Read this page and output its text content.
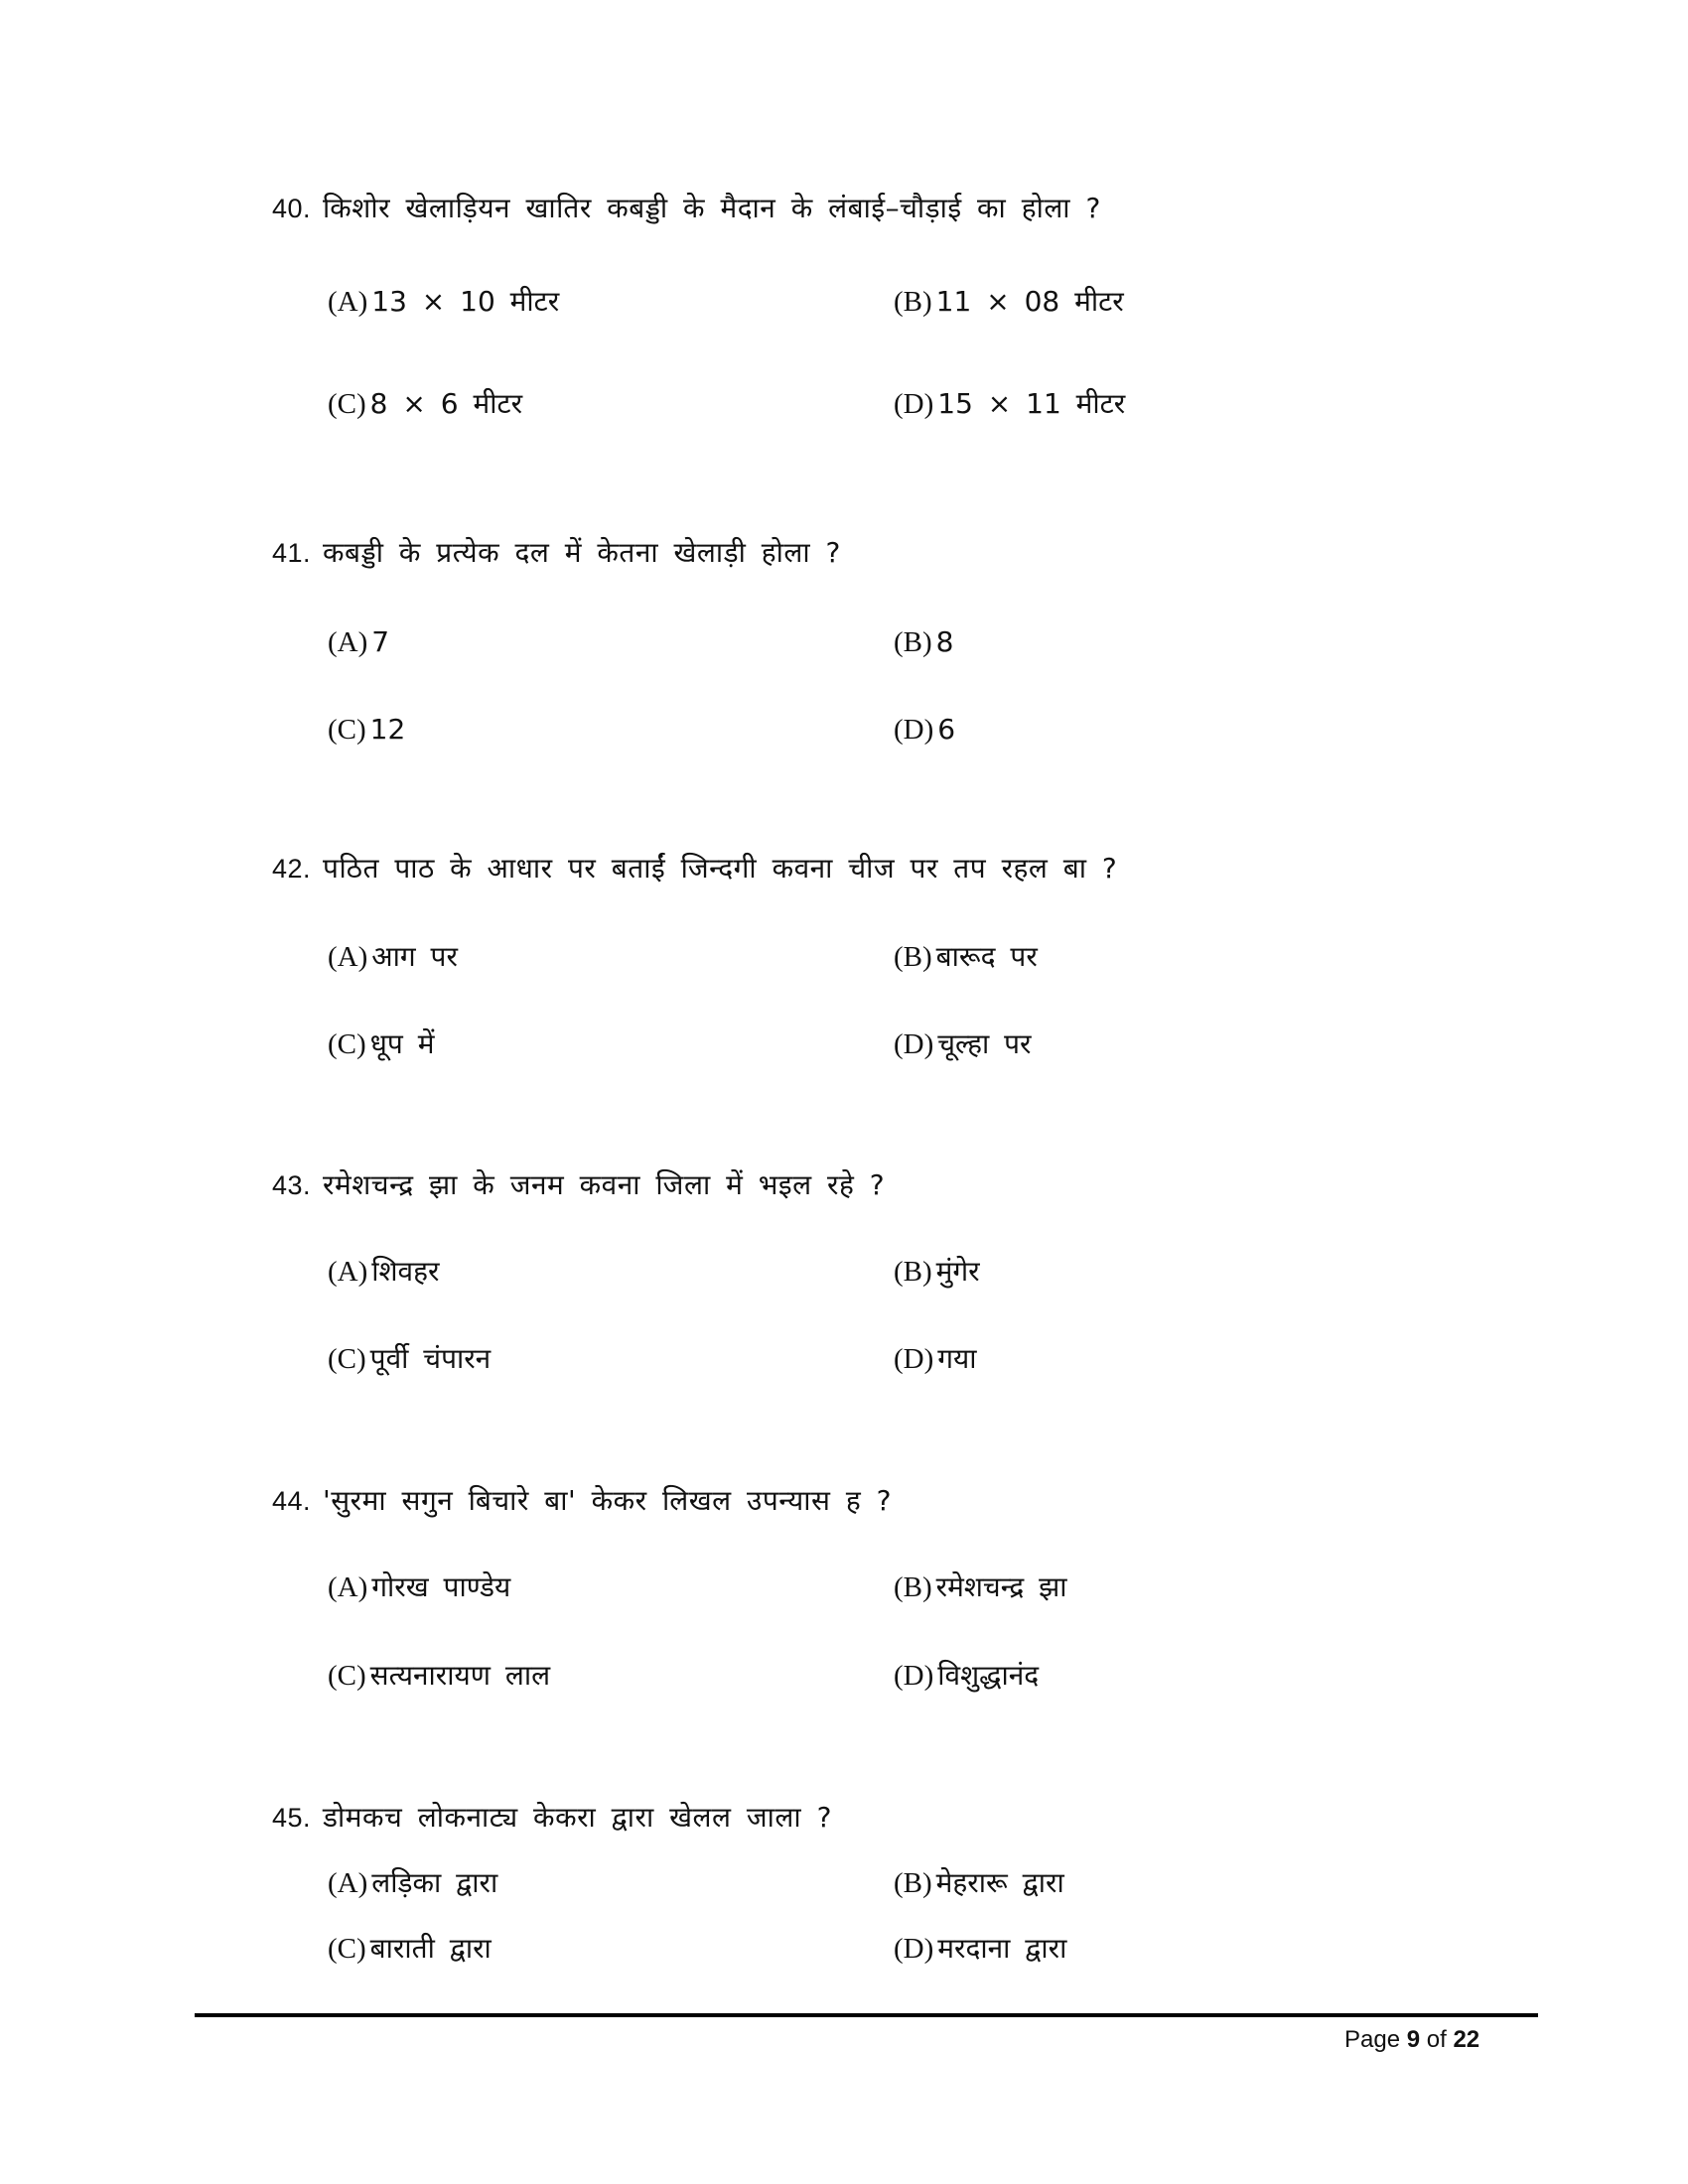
40. किशोर खेलाड़ियन खातिर कबड्डी के मैदान के लंबाई–चौड़ाई का होला ?
(A) 13 × 10 मीटर	(B) 11 × 08 मीटर
(C) 8 × 6 मीटर	(D) 15 × 11 मीटर
41. कबड्डी के प्रत्येक दल में केतना खेलाड़ी होला ?
(A) 7	(B) 8
(C) 12	(D) 6
42. पठित पाठ के आधार पर बताईं जिन्दगी कवना चीज पर तप रहल बा ?
(A) आग पर	(B) बारूद पर
(C) धूप में	(D) चूल्हा पर
43. रमेशचन्द्र झा के जनम कवना जिला में भइल रहे ?
(A) शिवहर	(B) मुंगेर
(C) पूर्वी चंपारन	(D) गया
44. 'सुरमा सगुन बिचारे बा' केकर लिखल उपन्यास ह ?
(A) गोरख पाण्डेय	(B) रमेशचन्द्र झा
(C) सत्यनारायण लाल	(D) विशुद्धानंद
45. डोमकच लोकनाट्य केकरा द्वारा खेलल जाला ?
(A) लड़िका द्वारा	(B) मेहरारू द्वारा
(C) बाराती द्वारा	(D) मरदाना द्वारा
Page 9 of 22
